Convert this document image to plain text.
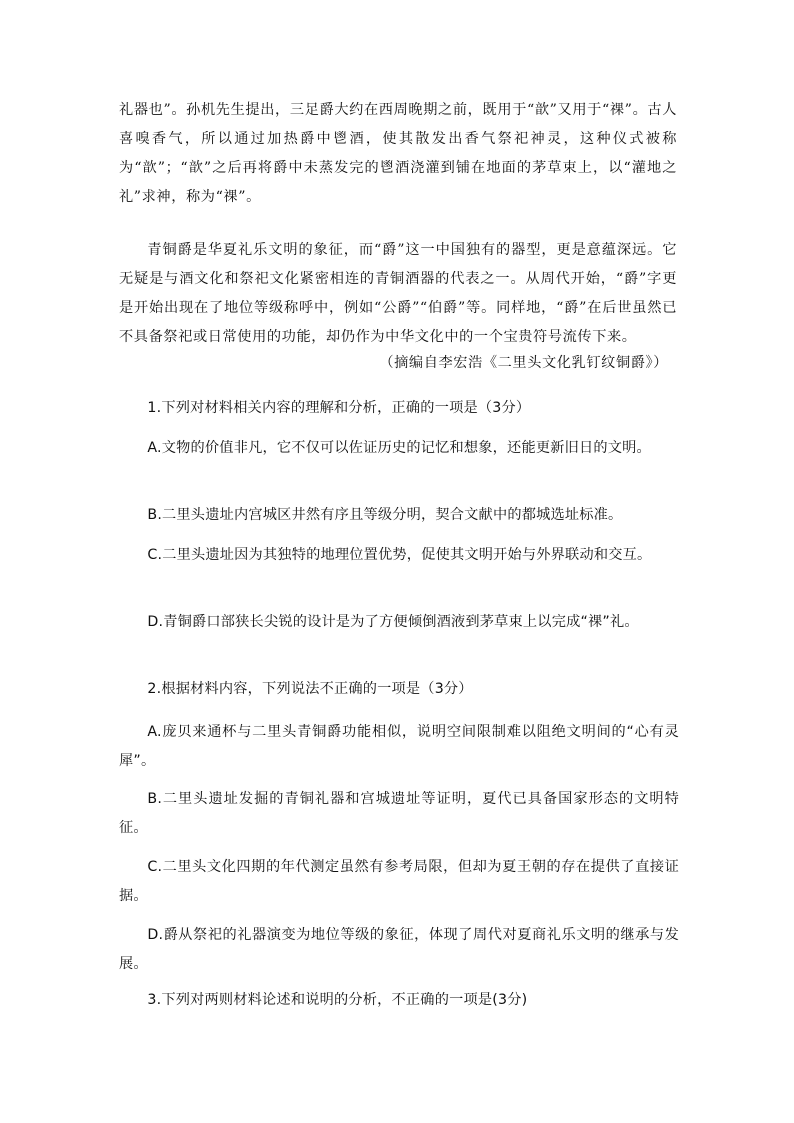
礼器也”。孙机先生提出，三足爵大约在西周晚期之前，既用于“歆”又用于“祼”。古人喜嗅香气，所以通过加热爵中鬯酒，使其散发出香气祭祀神灵，这种仪式被称为“歆”；“歆”之后再将爵中未蒸发完的鬯酒浇灌到铺在地面的茅草束上，以“灌地之礼”求神，称为“祼”。

青铜爵是华夏礼乐文明的象征，而“爵”这一中国独有的器型，更是意蕴深远。它无疑是与酒文化和祭祀文化紧密相连的青铜酒器的代表之一。从周代开始，“爵”字更是开始出现在了地位等级称呼中，例如“公爵”“伯爵”等。同样地，“爵”在后世虽然已不具备祭祀或日常使用的功能，却仍作为中华文化中的一个宝贵符号流传下来。

（摘编自李宏浩《二里头文化乳钉纹铜爵》）

1.下列对材料相关内容的理解和分析，正确的一项是（3分）

A.文物的价值非凡，它不仅可以佐证历史的记忆和想象，还能更新旧日的文明。

B.二里头遗址内宫城区井然有序且等级分明，契合文献中的都城选址标准。

C.二里头遗址因为其独特的地理位置优势，促使其文明开始与外界联动和交互。

D.青铜爵口部狭长尖锐的设计是为了方便倾倒酒液到茅草束上以完成“祼”礼。

2.根据材料内容，下列说法不正确的一项是（3分）

A.庞贝来通杯与二里头青铜爵功能相似，说明空间限制难以阻绝文明间的“心有灵犀”。

B.二里头遗址发掘的青铜礼器和宫城遗址等证明，夏代已具备国家形态的文明特征。

C.二里头文化四期的年代测定虽然有参考局限，但却为夏王朝的存在提供了直接证据。

D.爵从祭祀的礼器演变为地位等级的象征，体现了周代对夏商礼乐文明的继承与发展。

3.下列对两则材料论述和说明的分析，不正确的一项是(3分)
